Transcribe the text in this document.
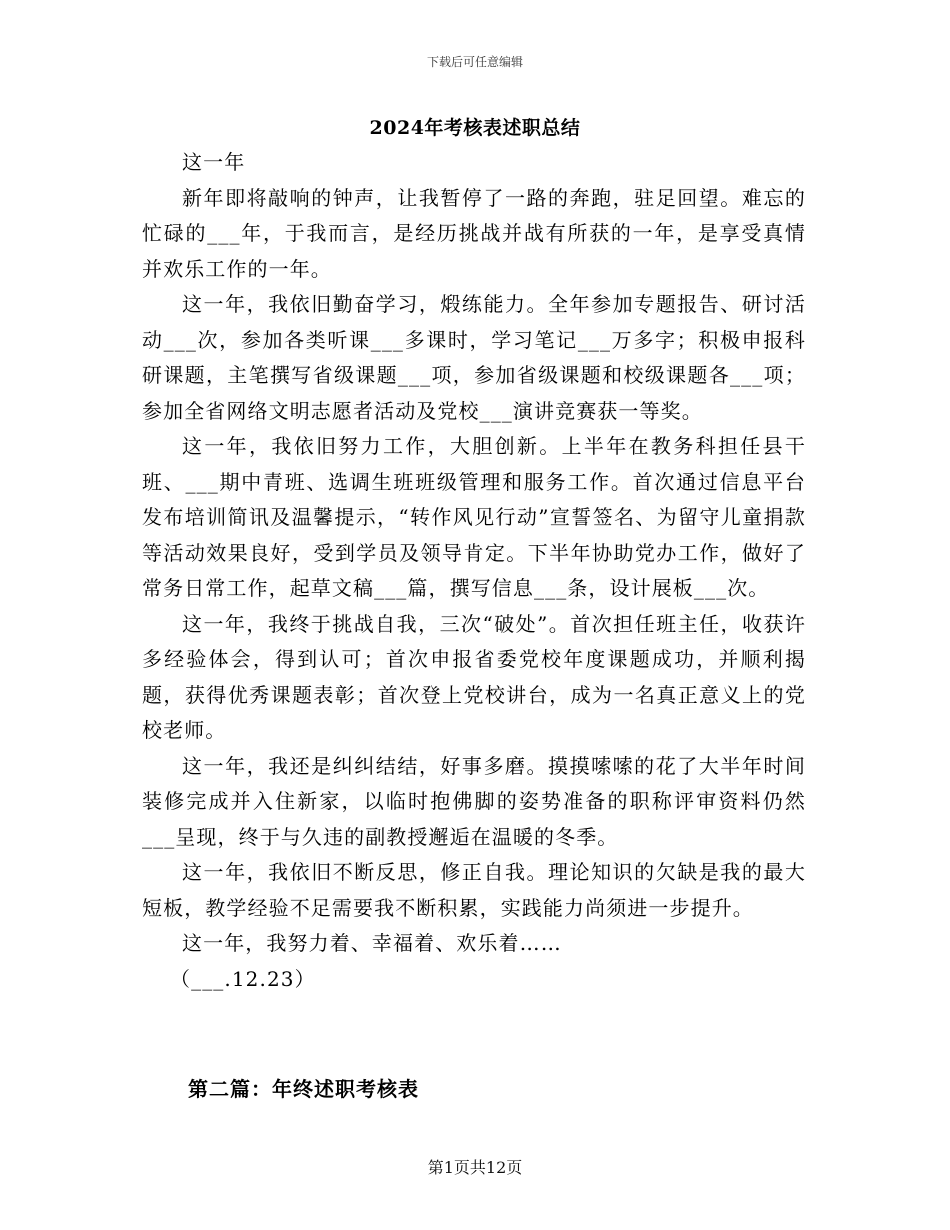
下载后可任意编辑
2024年考核表述职总结

这一年

新年即将敲响的钟声，让我暂停了一路的奔跑，驻足回望。难忘的忙碌的___年，于我而言，是经历挑战并战有所获的一年，是享受真情并欢乐工作的一年。

这一年，我依旧勤奋学习，煅练能力。全年参加专题报告、研讨活动___次，参加各类听课___多课时，学习笔记___万多字；积极申报科研课题，主笔撰写省级课题___项，参加省级课题和校级课题各___项；参加全省网络文明志愿者活动及党校___演讲竞赛获一等奖。

这一年，我依旧努力工作，大胆创新。上半年在教务科担任县干班、___期中青班、选调生班班级管理和服务工作。首次通过信息平台发布培训简讯及温馨提示，“转作风见行动”宣誓签名、为留守儿童捐款等活动效果良好，受到学员及领导肯定。下半年协助党办工作，做好了常务日常工作，起草文稿___篇，撰写信息___条，设计展板___次。

这一年，我终于挑战自我，三次“破处”。首次担任班主任，收获许多经验体会，得到认可；首次申报省委党校年度课题成功，并顺利揭题，获得优秀课题表彰；首次登上党校讲台，成为一名真正意义上的党校老师。

这一年，我还是纠纠结结，好事多磨。摸摸嗦嗦的花了大半年时间装修完成并入住新家，以临时抱佛脚的姿势准备的职称评审资料仍然___呈现，终于与久违的副教授邂逅在温暖的冬季。

这一年，我依旧不断反思，修正自我。理论知识的欠缺是我的最大短板，教学经验不足需要我不断积累，实践能力尚须进一步提升。

这一年，我努力着、幸福着、欢乐着……

（___.12.23）

第二篇：年终述职考核表
第1页共12页
